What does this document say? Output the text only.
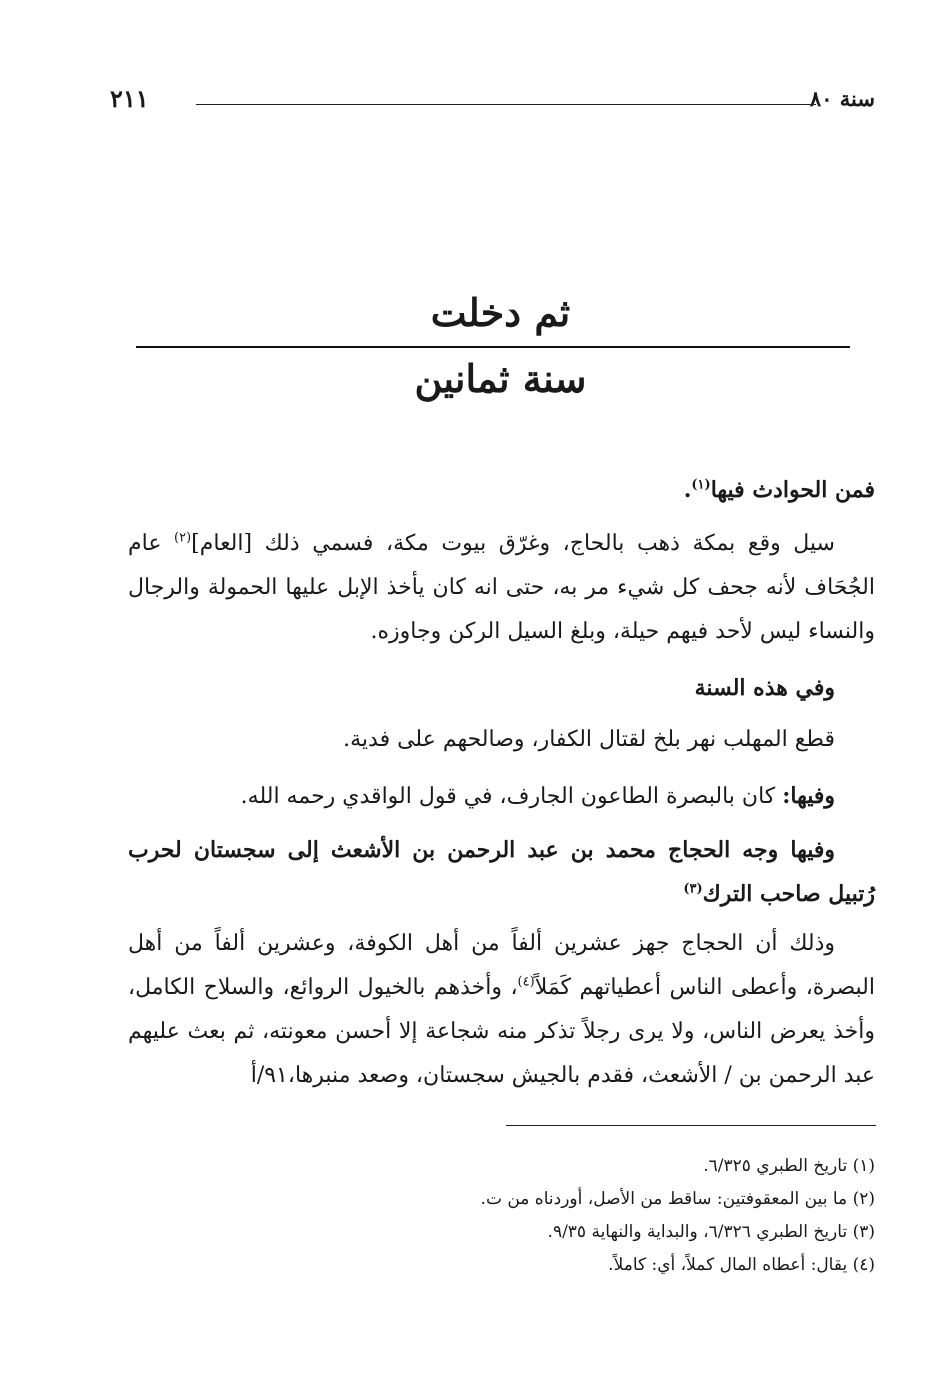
سنة ٨٠
٢١١
ثم دخلت
سنة ثمانين
فمن الحوادث فيها$^{(١)}$.
سيل وقع بمكة ذهب بالحاج، وغرّق بيوت مكة، فسمي ذلك [العام]$^{(٢)}$ عام الجُحَاف لأنه جحف كل شيء مر به، حتى انه كان يأخذ الإبل عليها الحمولة والرجال والنساء ليس لأحد فيهم حيلة، وبلغ السيل الركن وجاوزه.
وفي هذه السنة
قطع المهلب نهر بلخ لقتال الكفار، وصالحهم على فدية.
وفيها: كان بالبصرة الطاعون الجارف، في قول الواقدي رحمه الله.
وفيها وجه الحجاج محمد بن عبد الرحمن بن الأشعث إلى سجستان لحرب رُتبيل صاحب الترك$^{(٣)}$
وذلك أن الحجاج جهز عشرين ألفاً من أهل الكوفة، وعشرين ألفاً من أهل البصرة، وأعطى الناس أعطياتهم كَمَلاً$^{(٤)}$، وأخذهم بالخيول الروائع، والسلاح الكامل، وأخذ يعرض الناس، ولا يرى رجلاً تذكر منه شجاعة إلا أحسن معونته، ثم بعث عليهم عبد الرحمن بن / الأشعث، فقدم بالجيش سجستان، وصعد منبرها،٩١/أ
(١) تاريخ الطبري ٦/٣٢٥.
(٢) ما بين المعقوفتين: ساقط من الأصل، أوردناه من ت.
(٣) تاريخ الطبري ٦/٣٢٦، والبداية والنهاية ٩/٣٥.
(٤) يقال: أعطاه المال كملاً، أي: كاملاً.
